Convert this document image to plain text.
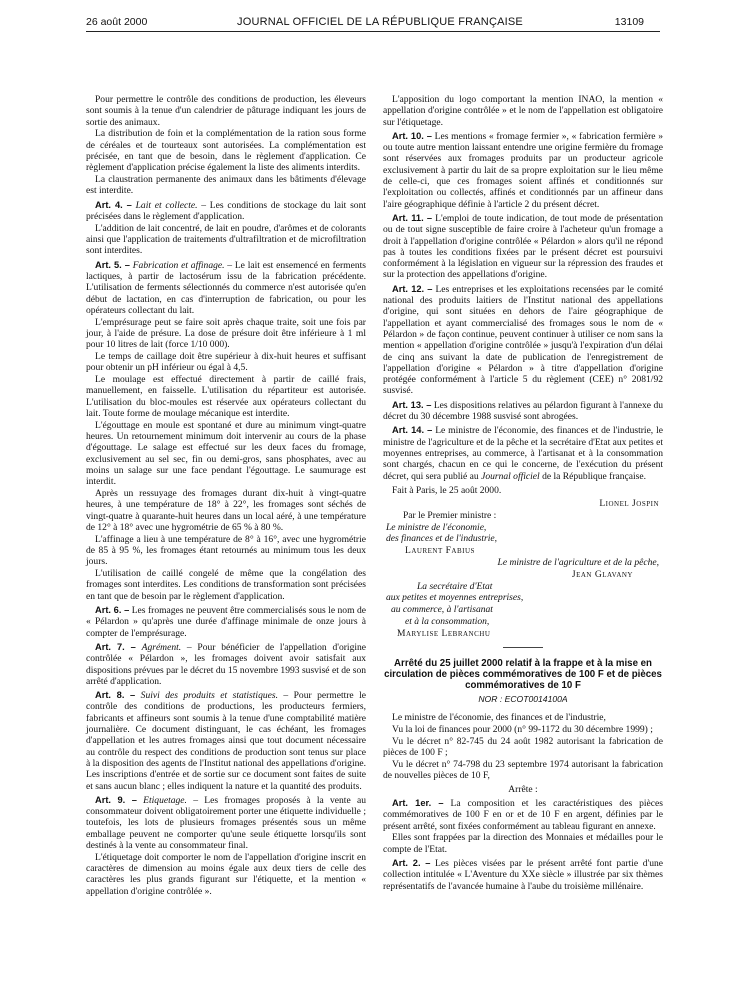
26 août 2000	JOURNAL OFFICIEL DE LA RÉPUBLIQUE FRANÇAISE	13109

Pour permettre le contrôle des conditions de production, les éleveurs sont soumis à la tenue d'un calendrier de pâturage indiquant les jours de sortie des animaux.

La distribution de foin et la complémentation de la ration sous forme de céréales et de tourteaux sont autorisées. La complémentation est précisée, en tant que de besoin, dans le règlement d'application. Ce règlement d'application précise également la liste des aliments interdits.

La claustration permanente des animaux dans les bâtiments d'élevage est interdite.

Art. 4. – Lait et collecte. – Les conditions de stockage du lait sont précisées dans le règlement d'application.

L'addition de lait concentré, de lait en poudre, d'arômes et de colorants ainsi que l'application de traitements d'ultrafiltration et de microfiltration sont interdites.

Art. 5. – Fabrication et affinage. – Le lait est ensemencé en ferments lactiques, à partir de lactosérum issu de la fabrication précédente. L'utilisation de ferments sélectionnés du commerce n'est autorisée qu'en début de lactation, en cas d'interruption de fabrication, ou pour les opérateurs collectant du lait.

L'emprésurage peut se faire soit après chaque traite, soit une fois par jour, à l'aide de présure. La dose de présure doit être inférieure à 1 ml pour 10 litres de lait (force 1/10 000).

Le temps de caillage doit être supérieur à dix-huit heures et suffisant pour obtenir un pH inférieur ou égal à 4,5.

Le moulage est effectué directement à partir de caillé frais, manuellement, en faisselle. L'utilisation du répartiteur est autorisée. L'utilisation du bloc-moules est réservée aux opérateurs collectant du lait. Toute forme de moulage mécanique est interdite.

L'égouttage en moule est spontané et dure au minimum vingt-quatre heures. Un retournement minimum doit intervenir au cours de la phase d'égouttage. Le salage est effectué sur les deux faces du fromage, exclusivement au sel sec, fin ou demi-gros, sans phosphates, avec au moins un salage sur une face pendant l'égouttage. Le saumurage est interdit.

Après un ressuyage des fromages durant dix-huit à vingt-quatre heures, à une température de 18° à 22°, les fromages sont séchés de vingt-quatre à quarante-huit heures dans un local aéré, à une température de 12° à 18° avec une hygrométrie de 65 % à 80 %.

L'affinage a lieu à une température de 8° à 16°, avec une hygrométrie de 85 à 95 %, les fromages étant retournés au minimum tous les deux jours.

L'utilisation de caillé congelé de même que la congélation des fromages sont interdites. Les conditions de transformation sont précisées en tant que de besoin par le règlement d'application.

Art. 6. – Les fromages ne peuvent être commercialisés sous le nom de « Pélardon » qu'après une durée d'affinage minimale de onze jours à compter de l'emprésurage.

Art. 7. – Agrément. – Pour bénéficier de l'appellation d'origine contrôlée « Pélardon », les fromages doivent avoir satisfait aux dispositions prévues par le décret du 15 novembre 1993 susvisé et de son arrêté d'application.

Art. 8. – Suivi des produits et statistiques. – Pour permettre le contrôle des conditions de productions, les producteurs fermiers, fabricants et affineurs sont soumis à la tenue d'une comptabilité matière journalière. Ce document distinguant, le cas échéant, les fromages d'appellation et les autres fromages ainsi que tout document nécessaire au contrôle du respect des conditions de production sont tenus sur place à la disposition des agents de l'Institut national des appellations d'origine. Les inscriptions d'entrée et de sortie sur ce document sont faites de suite et sans aucun blanc ; elles indiquent la nature et la quantité des produits.

Art. 9. – Etiquetage. – Les fromages proposés à la vente au consommateur doivent obligatoirement porter une étiquette individuelle ; toutefois, les lots de plusieurs fromages présentés sous un même emballage peuvent ne comporter qu'une seule étiquette lorsqu'ils sont destinés à la vente au consommateur final.

L'étiquetage doit comporter le nom de l'appellation d'origine inscrit en caractères de dimension au moins égale aux deux tiers de celle des caractères les plus grands figurant sur l'étiquette, et la mention « appellation d'origine contrôlée ».

L'apposition du logo comportant la mention INAO, la mention « appellation d'origine contrôlée » et le nom de l'appellation est obligatoire sur l'étiquetage.

Art. 10. – Les mentions « fromage fermier », « fabrication fermière » ou toute autre mention laissant entendre une origine fermière du fromage sont réservées aux fromages produits par un producteur agricole exclusivement à partir du lait de sa propre exploitation sur le lieu même de celle-ci, que ces fromages soient affinés et conditionnés sur l'exploitation ou collectés, affinés et conditionnés par un affineur dans l'aire géographique définie à l'article 2 du présent décret.

Art. 11. – L'emploi de toute indication, de tout mode de présentation ou de tout signe susceptible de faire croire à l'acheteur qu'un fromage a droit à l'appellation d'origine contrôlée « Pélardon » alors qu'il ne répond pas à toutes les conditions fixées par le présent décret est poursuivi conformément à la législation en vigueur sur la répression des fraudes et sur la protection des appellations d'origine.

Art. 12. – Les entreprises et les exploitations recensées par le comité national des produits laitiers de l'Institut national des appellations d'origine, qui sont situées en dehors de l'aire géographique de l'appellation et ayant commercialisé des fromages sous le nom de « Pélardon » de façon continue, peuvent continuer à utiliser ce nom sans la mention « appellation d'origine contrôlée » jusqu'à l'expiration d'un délai de cinq ans suivant la date de publication de l'enregistrement de l'appellation d'origine « Pélardon » à titre d'appellation d'origine protégée conformément à l'article 5 du règlement (CEE) n° 2081/92 susvisé.

Art. 13. – Les dispositions relatives au pélardon figurant à l'annexe du décret du 30 décembre 1988 susvisé sont abrogées.

Art. 14. – Le ministre de l'économie, des finances et de l'industrie, le ministre de l'agriculture et de la pêche et la secrétaire d'Etat aux petites et moyennes entreprises, au commerce, à l'artisanat et à la consommation sont chargés, chacun en ce qui le concerne, de l'exécution du présent décret, qui sera publié au Journal officiel de la République française.

Fait à Paris, le 25 août 2000.

Lionel Jospin

Par le Premier ministre :

Le ministre de l'économie,

des finances et de l'industrie,

Laurent Fabius

Le ministre de l'agriculture et de la pêche,

Jean Glavany

La secrétaire d'Etat

aux petites et moyennes entreprises,

au commerce, à l'artisanat

et à la consommation,

Marylise Lebranchu

Arrêté du 25 juillet 2000 relatif à la frappe et à la mise en circulation de pièces commémoratives de 100 F et de pièces commémoratives de 10 F

NOR : ECOT0014100A

Le ministre de l'économie, des finances et de l'industrie,

Vu la loi de finances pour 2000 (n° 99-1172 du 30 décembre 1999) ;

Vu le décret n° 82-745 du 24 août 1982 autorisant la fabrication de pièces de 100 F ;

Vu le décret n° 74-798 du 23 septembre 1974 autorisant la fabrication de nouvelles pièces de 10 F,

Arrête :

Art. 1er. – La composition et les caractéristiques des pièces commémoratives de 100 F en or et de 10 F en argent, définies par le présent arrêté, sont fixées conformément au tableau figurant en annexe.

Elles sont frappées par la direction des Monnaies et médailles pour le compte de l'Etat.

Art. 2. – Les pièces visées par le présent arrêté font partie d'une collection intitulée « L'Aventure du XXe siècle » illustrée par six thèmes représentatifs de l'avancée humaine à l'aube du troisième millénaire.
